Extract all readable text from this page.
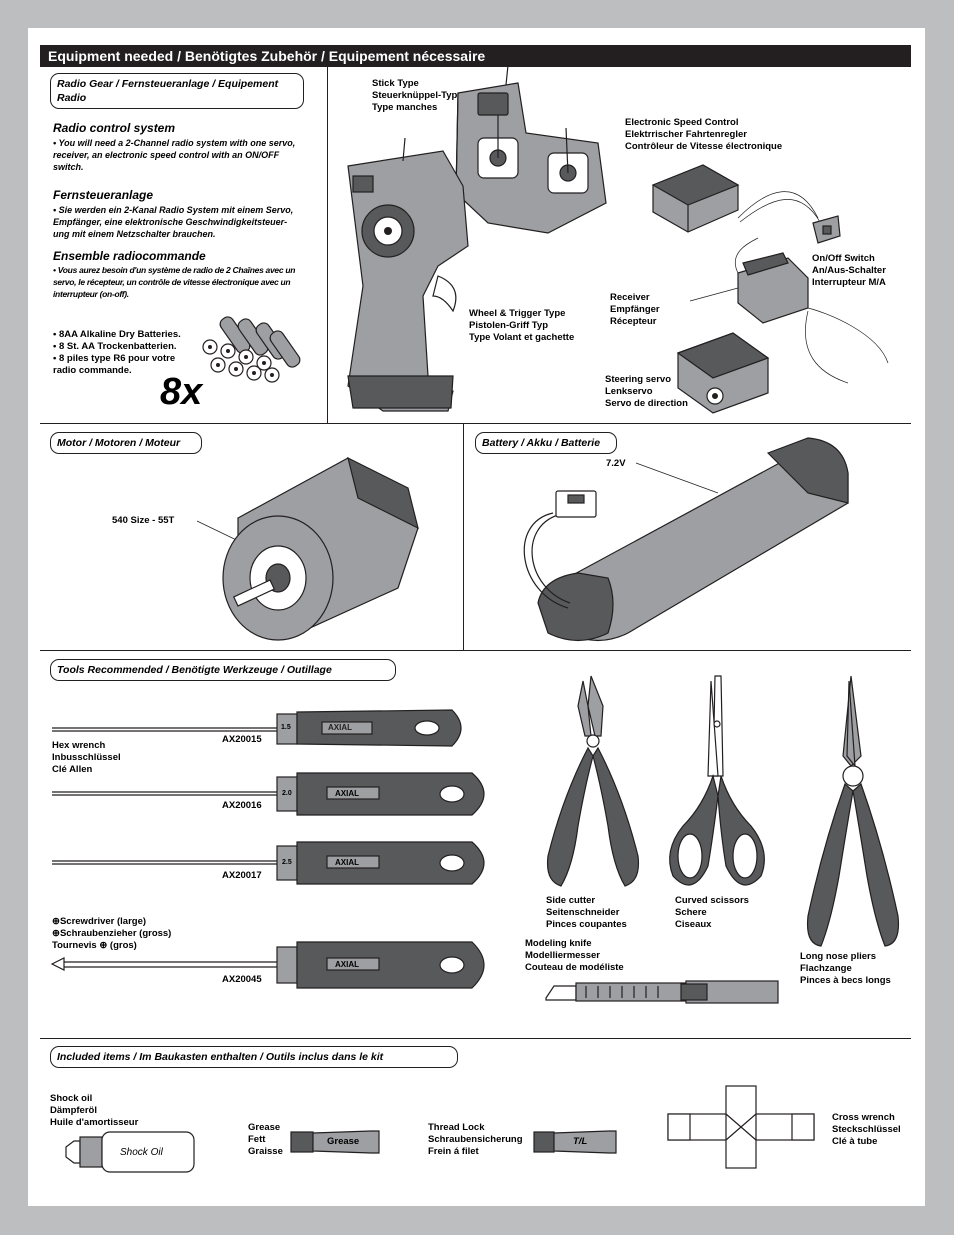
Equipment needed / Benötigtes Zubehör / Equipement nécessaire
Radio Gear / Fernsteueranlage / Equipement Radio
Radio control system
• You will need a 2-Channel radio system with one servo, receiver, an electronic speed control with an ON/OFF switch.
Fernsteueranlage
• Sie werden ein 2-Kanal Radio System mit einem Servo, Empfänger, eine elektronische Geschwindigkeitsteuer-ung mit einem Netzschalter brauchen.
Ensemble radiocommande
• Vous aurez besoin d'un système de radio de 2 Chaînes avec un servo, le récepteur, un contrôle de vitesse électronique avec un interrupteur (on-off).
• 8AA Alkaline Dry Batteries.
• 8 St. AA Trockenbatterien.
• 8 piles type R6 pour votre
radio commande.
8x
Stick Type
Steuerknüppel-Typ
Type manches
Wheel & Trigger Type
Pistolen-Griff Typ
Type Volant et gachette
Electronic Speed Control
Elektrrischer Fahrtenregler
Contrôleur de Vitesse électronique
On/Off Switch
An/Aus-Schalter
Interrupteur M/A
Receiver
Empfänger
Récepteur
Steering servo
Lenkservo
Servo de direction
Motor / Motoren / Moteur
540 Size - 55T
Battery / Akku / Batterie
7.2V
Tools Recommended / Benötigte Werkzeuge / Outillage
Hex wrench
Inbusschlüssel
Clé Allen
⊕Screwdriver (large)
⊕Schraubenzieher (gross)
Tournevis ⊕ (gros)
1.5	AXIAL
AX20015
2.0	AXIAL
AX20016
2.5	AXIAL
AX20017
AXIAL
AX20045
Side cutter
Seitenschneider
Pinces coupantes
Curved scissors
Schere
Ciseaux
Long nose pliers
Flachzange
Pinces à becs longs
Modeling knife
Modelliermesser
Couteau de modéliste
Included items / Im Baukasten enthalten / Outils inclus dans le kit
Shock oil
Dämpferöl
Huile d'amortisseur
Shock Oil
Grease
Fett
Graisse
Grease
Thread Lock
Schraubensicherung
Frein á filet
T/L
Cross wrench
Steckschlüssel
Clé à tube
